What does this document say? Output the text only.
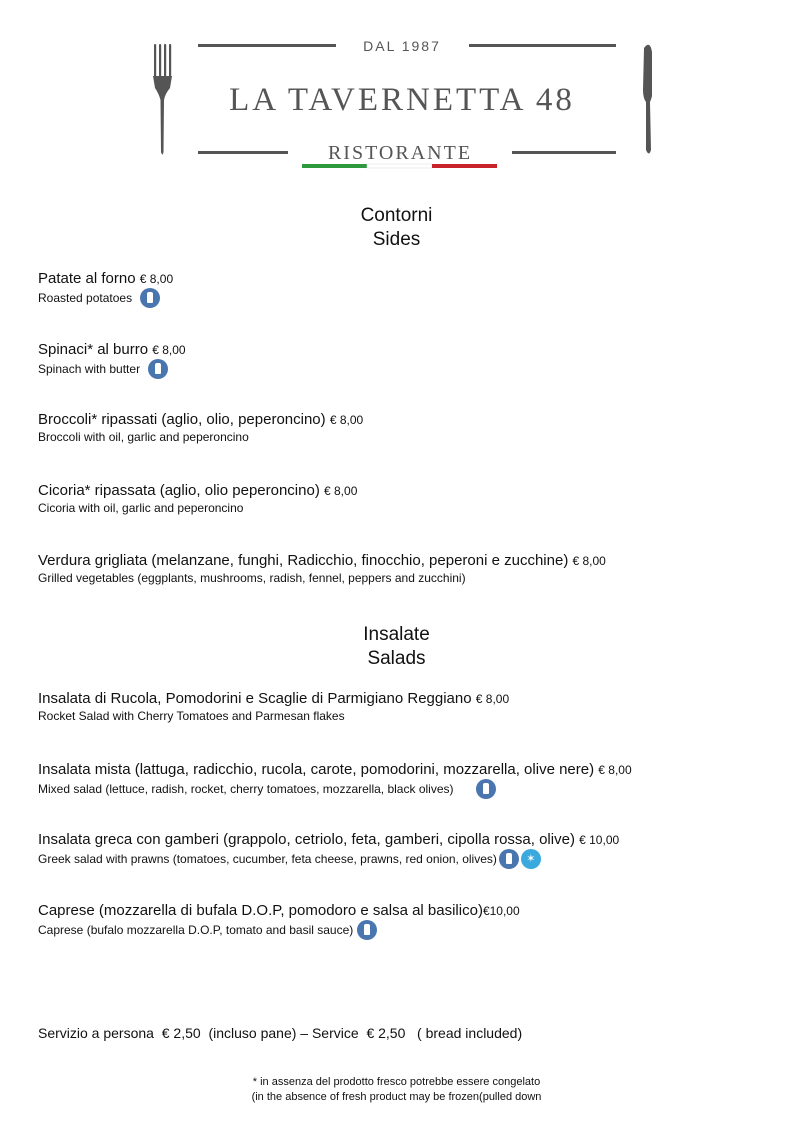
DAL 1987
LA TAVERNETTA 48
RISTORANTE
Contorni
Sides
Patate al forno € 8,00
Roasted potatoes
Spinaci* al burro € 8,00
Spinach with butter
Broccoli* ripassati (aglio, olio, peperoncino) € 8,00
Broccoli with oil, garlic and peperoncino
Cicoria* ripassata (aglio, olio peperoncino) € 8,00
Cicoria with oil, garlic and peperoncino
Verdura grigliata (melanzane, funghi, Radicchio, finocchio, peperoni e zucchine) € 8,00
Grilled vegetables (eggplants, mushrooms, radish, fennel, peppers and zucchini)
Insalate
Salads
Insalata di Rucola, Pomodorini e Scaglie di Parmigiano Reggiano € 8,00
Rocket Salad with Cherry Tomatoes and Parmesan flakes
Insalata mista (lattuga, radicchio, rucola, carote, pomodorini, mozzarella, olive nere) € 8,00
Mixed salad (lettuce, radish, rocket, cherry tomatoes, mozzarella, black olives)
Insalata greca con gamberi (grappolo, cetriolo, feta, gamberi, cipolla rossa, olive) € 10,00
Greek salad with prawns (tomatoes, cucumber, feta cheese, prawns, red onion, olives)
✶
Caprese (mozzarella di bufala D.O.P, pomodoro e salsa al basilico)€10,00
Caprese (bufalo mozzarella D.O.P, tomato and basil sauce)
Servizio a persona € 2,50 (incluso pane) – Service € 2,50 ( bread included)
* in assenza del prodotto fresco potrebbe essere congelato
(in the absence of fresh product may be frozen(pulled down
